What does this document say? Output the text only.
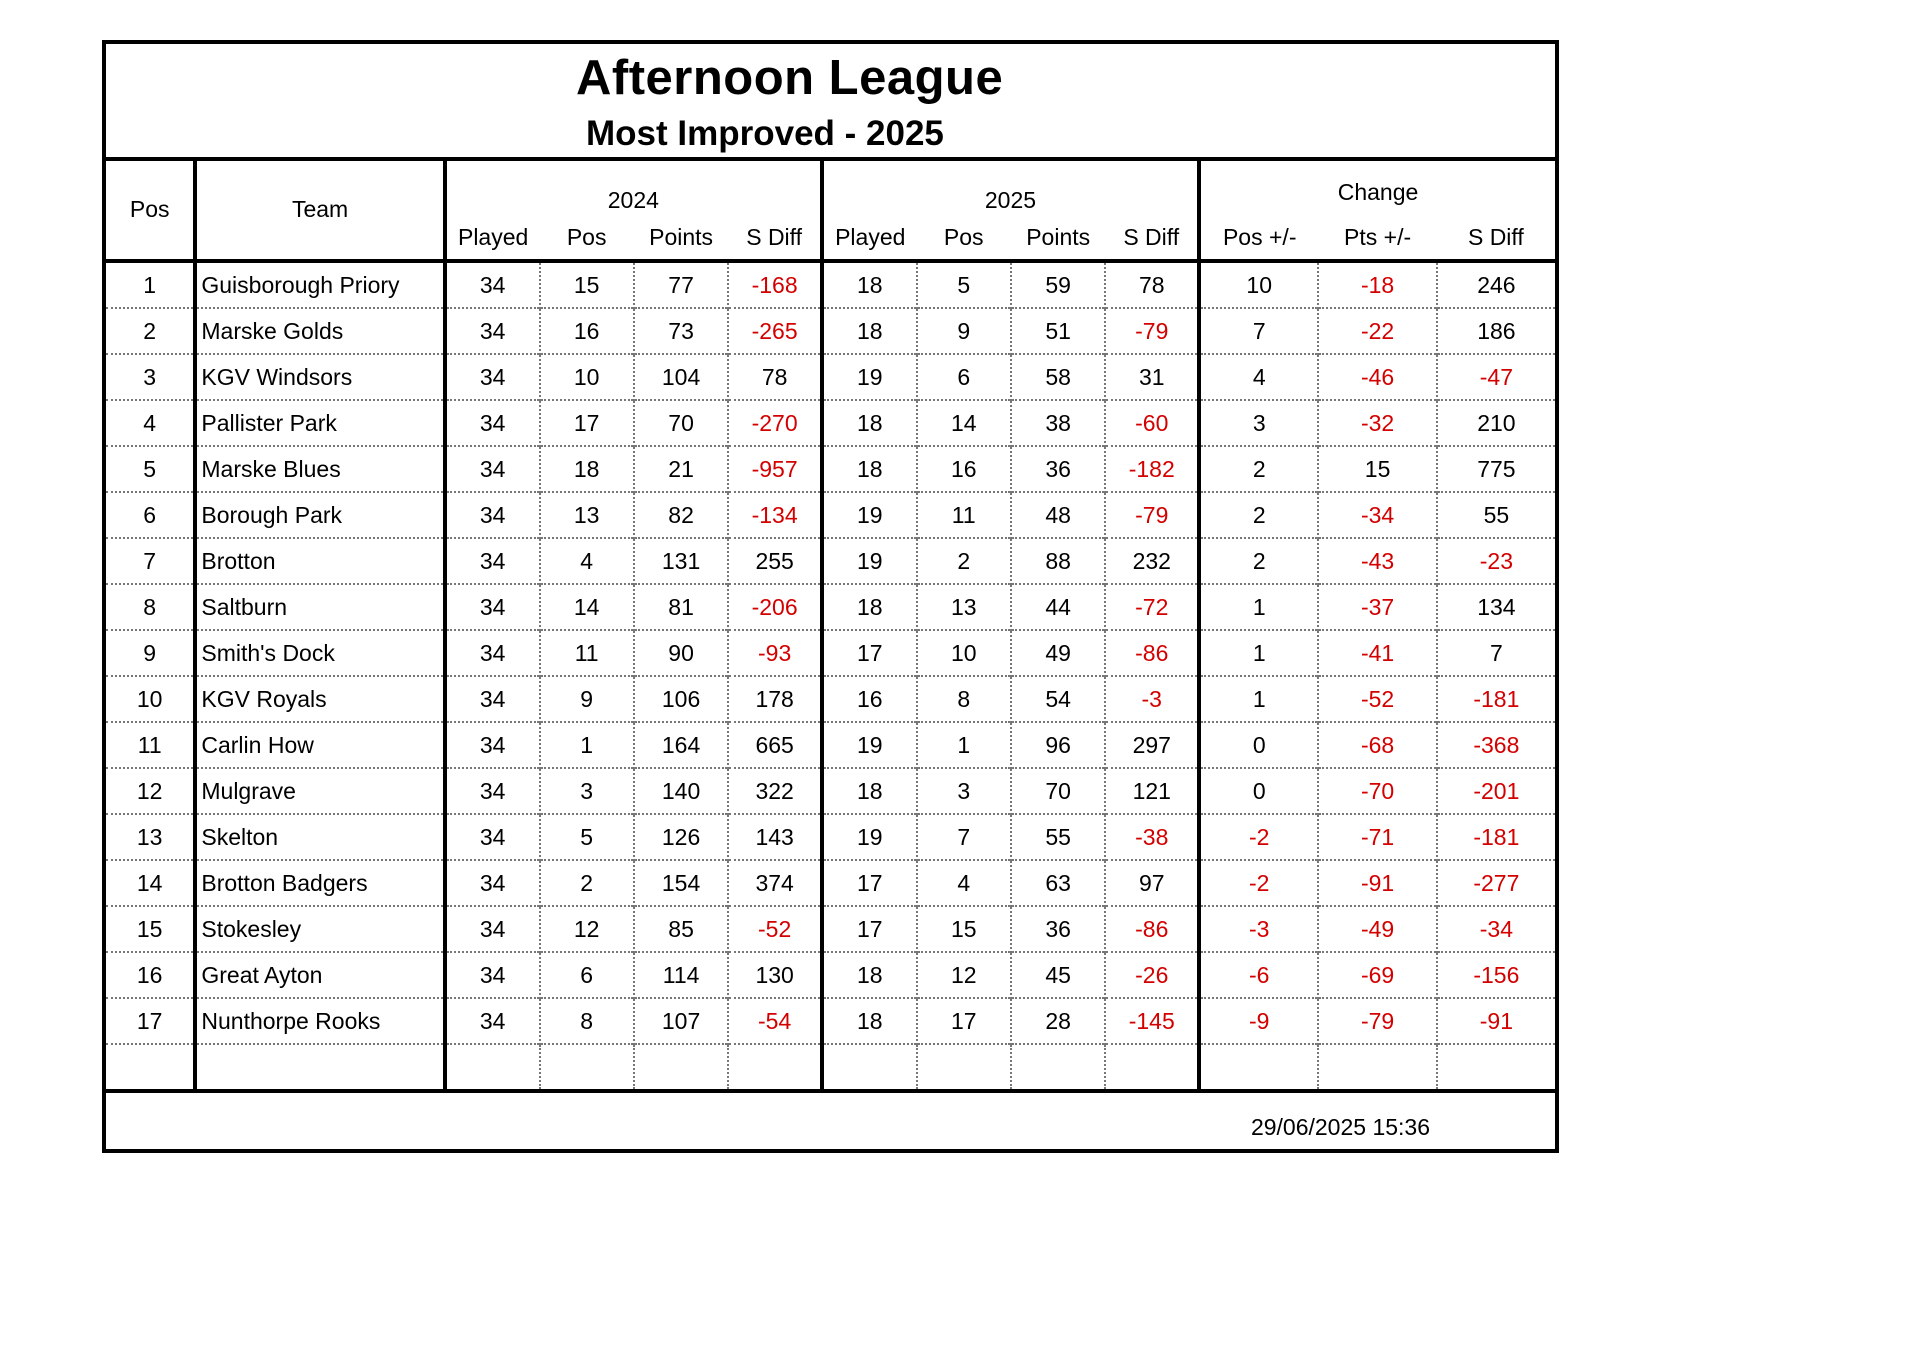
Afternoon League
Most Improved - 2025
Pos	Team	2024				2025				Change		
		Played	Pos	Points	S Diff	Played	Pos	Points	S Diff	Pos +/-	Pts +/-	S Diff
1	Guisborough Priory	34	15	77	-168	18	5	59	78	10	-18	246
2	Marske Golds	34	16	73	-265	18	9	51	-79	7	-22	186
3	KGV Windsors	34	10	104	78	19	6	58	31	4	-46	-47
4	Pallister Park	34	17	70	-270	18	14	38	-60	3	-32	210
5	Marske Blues	34	18	21	-957	18	16	36	-182	2	15	775
6	Borough Park	34	13	82	-134	19	11	48	-79	2	-34	55
7	Brotton	34	4	131	255	19	2	88	232	2	-43	-23
8	Saltburn	34	14	81	-206	18	13	44	-72	1	-37	134
9	Smith's Dock	34	11	90	-93	17	10	49	-86	1	-41	7
10	KGV Royals	34	9	106	178	16	8	54	-3	1	-52	-181
11	Carlin How	34	1	164	665	19	1	96	297	0	-68	-368
12	Mulgrave	34	3	140	322	18	3	70	121	0	-70	-201
13	Skelton	34	5	126	143	19	7	55	-38	-2	-71	-181
14	Brotton Badgers	34	2	154	374	17	4	63	97	-2	-91	-277
15	Stokesley	34	12	85	-52	17	15	36	-86	-3	-49	-34
16	Great Ayton	34	6	114	130	18	12	45	-26	-6	-69	-156
17	Nunthorpe Rooks	34	8	107	-54	18	17	28	-145	-9	-79	-91

29/06/2025 15:36
